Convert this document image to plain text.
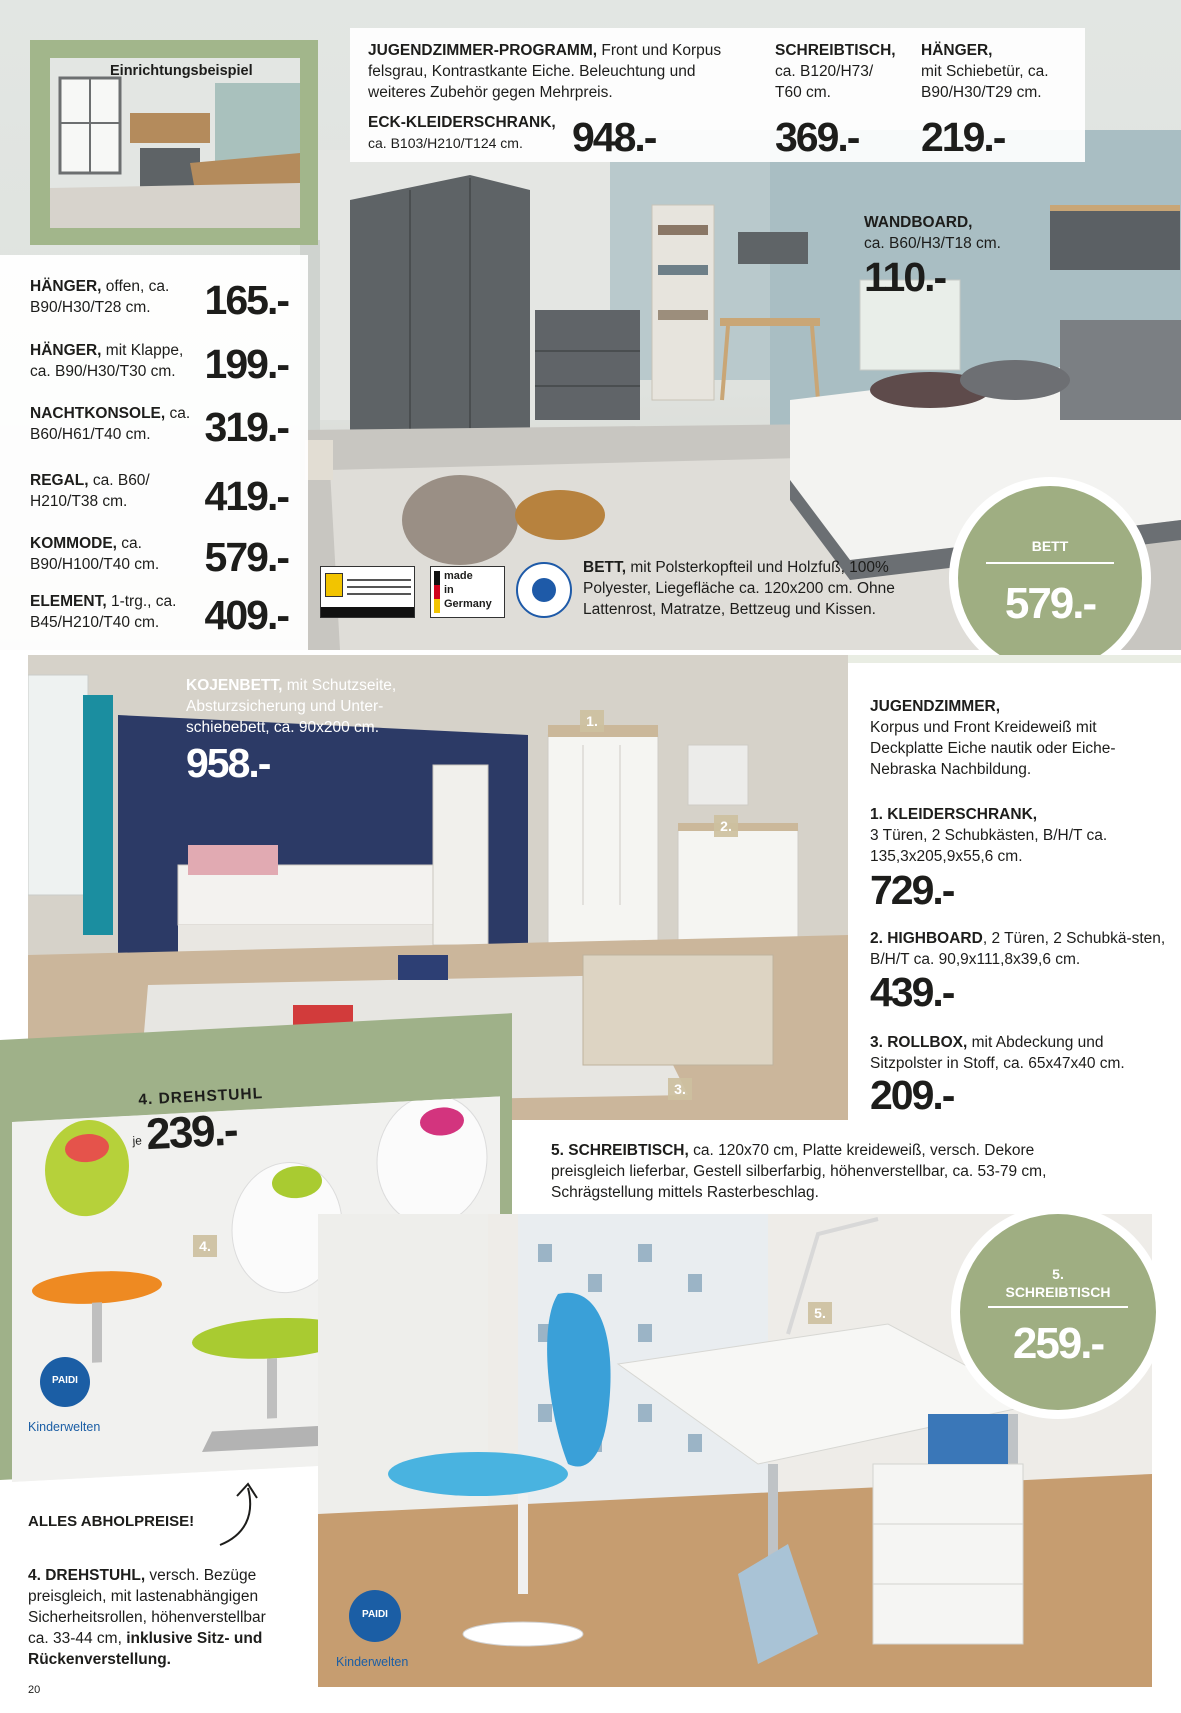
Einrichtungsbeispiel
JUGENDZIMMER-PROGRAMM, Front und Korpus felsgrau, Kontrastkante Eiche. Beleuchtung und weiteres Zubehör gegen Mehrpreis.
ECK-KLEIDERSCHRANK,
ca. B103/H210/T124 cm.	948.-
SCHREIBTISCH,
ca. B120/H73/ T60 cm.
369.-
HÄNGER,
mit Schiebetür, ca. B90/H30/T29 cm.
219.-
WANDBOARD,
ca. B60/H3/T18 cm.
110.-
HÄNGER, offen, ca. B90/H30/T28 cm.	165.-
HÄNGER, mit Klappe, ca. B90/H30/T30 cm. 199.-
NACHTKONSOLE, ca. B60/H61/T40 cm.	319.-
REGAL, ca. B60/ H210/T38 cm.	419.-
KOMMODE, ca. B90/H100/T40 cm.	579.-
ELEMENT, 1-trg., ca. B45/H210/T40 cm.	409.-
made
in
Germany
BETT, mit Polsterkopfteil und Holzfuß, 100% Polyester, Liegefläche ca. 120x200 cm. Ohne Lattenrost, Matratze, Bettzeug und Kissen.
BETT
579.-
KOJENBETT, mit Schutzseite, Absturzsicherung und Unter-schiebebett, ca. 90x200 cm.
958.-
1.
2.
3.
JUGENDZIMMER,
Korpus und Front Kreideweiß mit Deckplatte Eiche nautik oder Eiche-Nebraska Nachbildung.
1. KLEIDERSCHRANK,
3 Türen, 2 Schubkästen, B/H/T ca. 135,3x205,9x55,6 cm.
729.-
2. HIGHBOARD, 2 Türen, 2 Schubkä-sten, B/H/T ca. 90,9x111,8x39,6 cm.
439.-
3. ROLLBOX, mit Abdeckung und Sitzpolster in Stoff, ca. 65x47x40 cm.
209.-
4. DREHSTUHL
je 239.-
4.
PAIDI
Kinderwelten
ALLES ABHOLPREISE!
4. DREHSTUHL, versch. Bezüge preisgleich, mit lastenabhängigen Sicherheitsrollen, höhenverstellbar ca. 33-44 cm, inklusive Sitz- und Rückenverstellung.
20
5. SCHREIBTISCH, ca. 120x70 cm, Platte kreideweiß, versch. Dekore preisgleich lieferbar, Gestell silberfarbig, höhenverstellbar, ca. 53-79 cm, Schrägstellung mittels Rasterbeschlag.
5.
5.
SCHREIBTISCH
259.-
PAIDI
Kinderwelten
